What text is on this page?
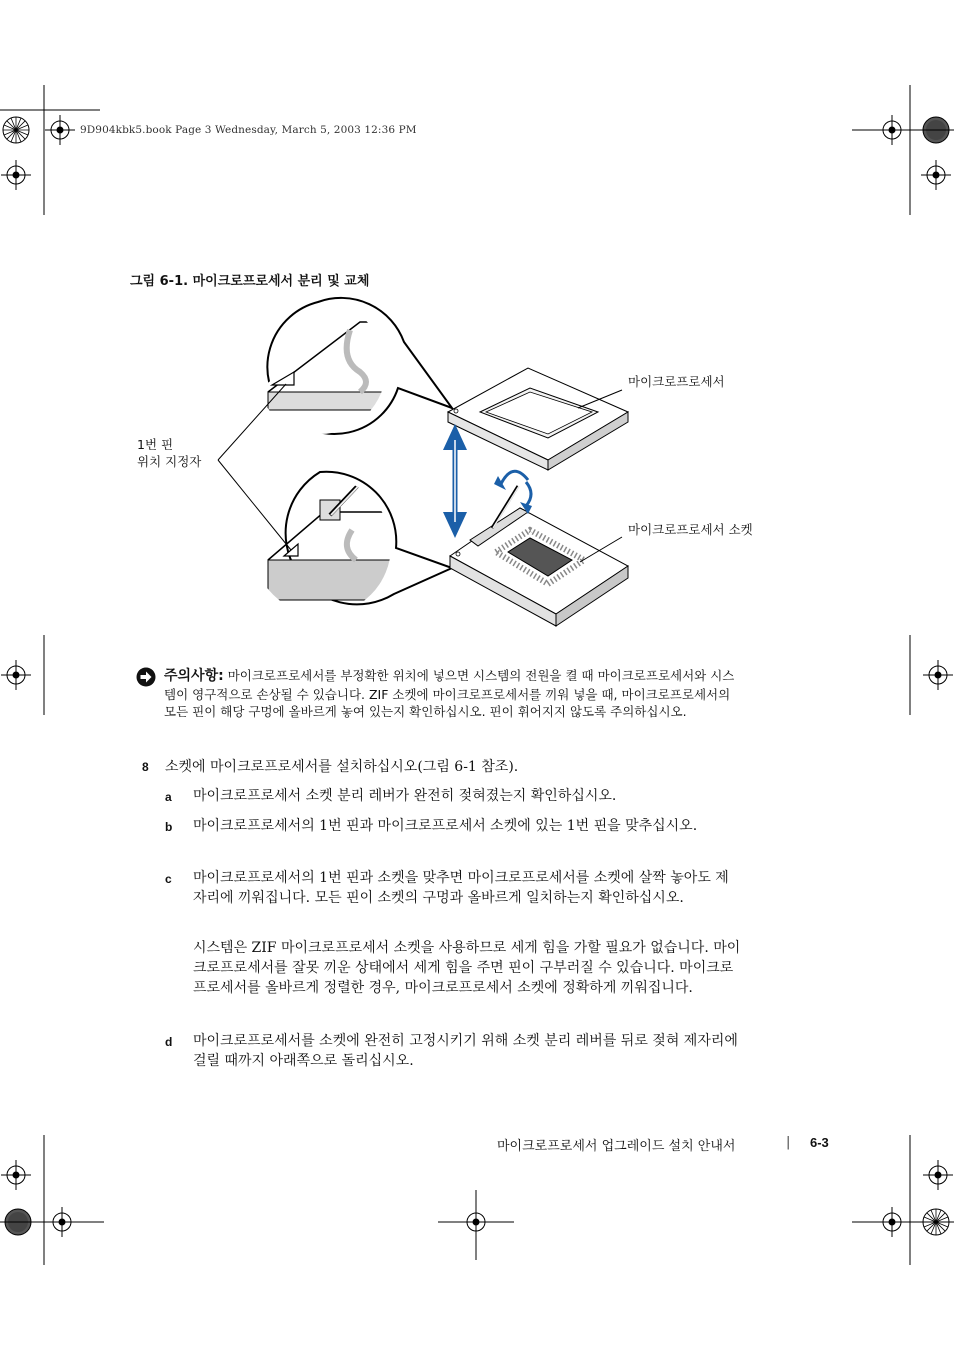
9D904kbk5.book Page 3 Wednesday, March 5, 2003 12:36 PM
그림 6-1. 마이크로프로세서 분리 및 교체
1번 핀
위치 지정자
마이크로프로세서
마이크로프로세서 소켓
주의사항: 마이크로프로세서를 부정확한 위치에 넣으면 시스템의 전원을 켤 때 마이크로프로세서와 시스템이 영구적으로 손상될 수 있습니다. ZIF 소켓에 마이크로프로세서를 끼워 넣을 때, 마이크로프로세서의 모든 핀이 해당 구멍에 올바르게 놓여 있는지 확인하십시오. 핀이 휘어지지 않도록 주의하십시오.
8 소켓에 마이크로프로세서를 설치하십시오(그림 6-1 참조).
a 마이크로프로세서 소켓 분리 레버가 완전히 젖혀졌는지 확인하십시오.
b 마이크로프로세서의 1번 핀과 마이크로프로세서 소켓에 있는 1번 핀을 맞추십시오.
c 마이크로프로세서의 1번 핀과 소켓을 맞추면 마이크로프로세서를 소켓에 살짝 놓아도 제자리에 끼워집니다. 모든 핀이 소켓의 구멍과 올바르게 일치하는지 확인하십시오.
시스템은 ZIF 마이크로프로세서 소켓을 사용하므로 세게 힘을 가할 필요가 없습니다. 마이크로프로세서를 잘못 끼운 상태에서 세게 힘을 주면 핀이 구부러질 수 있습니다. 마이크로프로세서를 올바르게 정렬한 경우, 마이크로프로세서 소켓에 정확하게 끼워집니다.
d 마이크로프로세서를 소켓에 완전히 고정시키기 위해 소켓 분리 레버를 뒤로 젖혀 제자리에 걸릴 때까지 아래쪽으로 돌리십시오.
마이크로프로세서 업그레이드 설치 안내서	| 6-3
